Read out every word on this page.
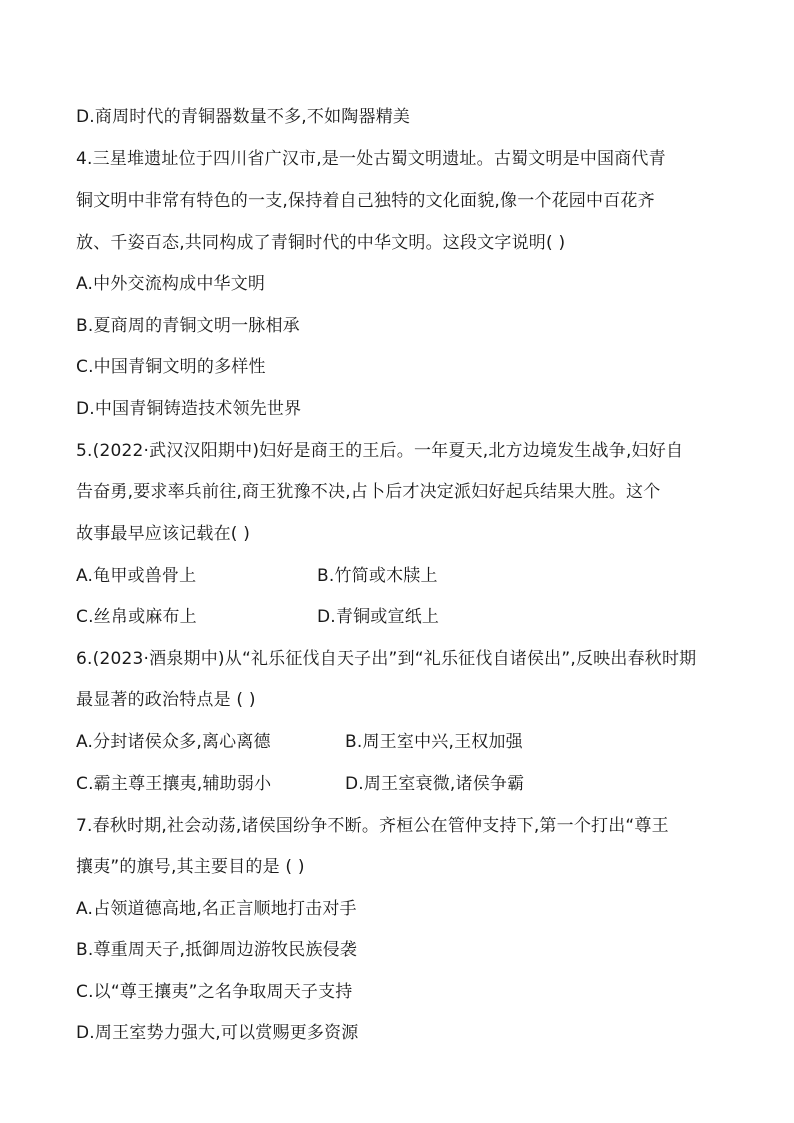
D.商周时代的青铜器数量不多,不如陶器精美
4.三星堆遗址位于四川省广汉市,是一处古蜀文明遗址。古蜀文明是中国商代青
铜文明中非常有特色的一支,保持着自己独特的文化面貌,像一个花园中百花齐
放、千姿百态,共同构成了青铜时代的中华文明。这段文字说明( )
A.中外交流构成中华文明
B.夏商周的青铜文明一脉相承
C.中国青铜文明的多样性
D.中国青铜铸造技术领先世界
5.(2022·武汉汉阳期中)妇好是商王的王后。一年夏天,北方边境发生战争,妇好自
告奋勇,要求率兵前往,商王犹豫不决,占卜后才决定派妇好起兵结果大胜。这个
故事最早应该记载在( )
A.龟甲或兽骨上	B.竹简或木牍上
C.丝帛或麻布上	D.青铜或宣纸上
6.(2023·酒泉期中)从“礼乐征伐自天子出”到“礼乐征伐自诸侯出”,反映出春秋时期
最显著的政治特点是 ( )
A.分封诸侯众多,离心离德	B.周王室中兴,王权加强
C.霸主尊王攘夷,辅助弱小	D.周王室衰微,诸侯争霸
7.春秋时期,社会动荡,诸侯国纷争不断。齐桓公在管仲支持下,第一个打出“尊王
攘夷”的旗号,其主要目的是 ( )
A.占领道德高地,名正言顺地打击对手
B.尊重周天子,抵御周边游牧民族侵袭
C.以“尊王攘夷”之名争取周天子支持
D.周王室势力强大,可以赏赐更多资源
